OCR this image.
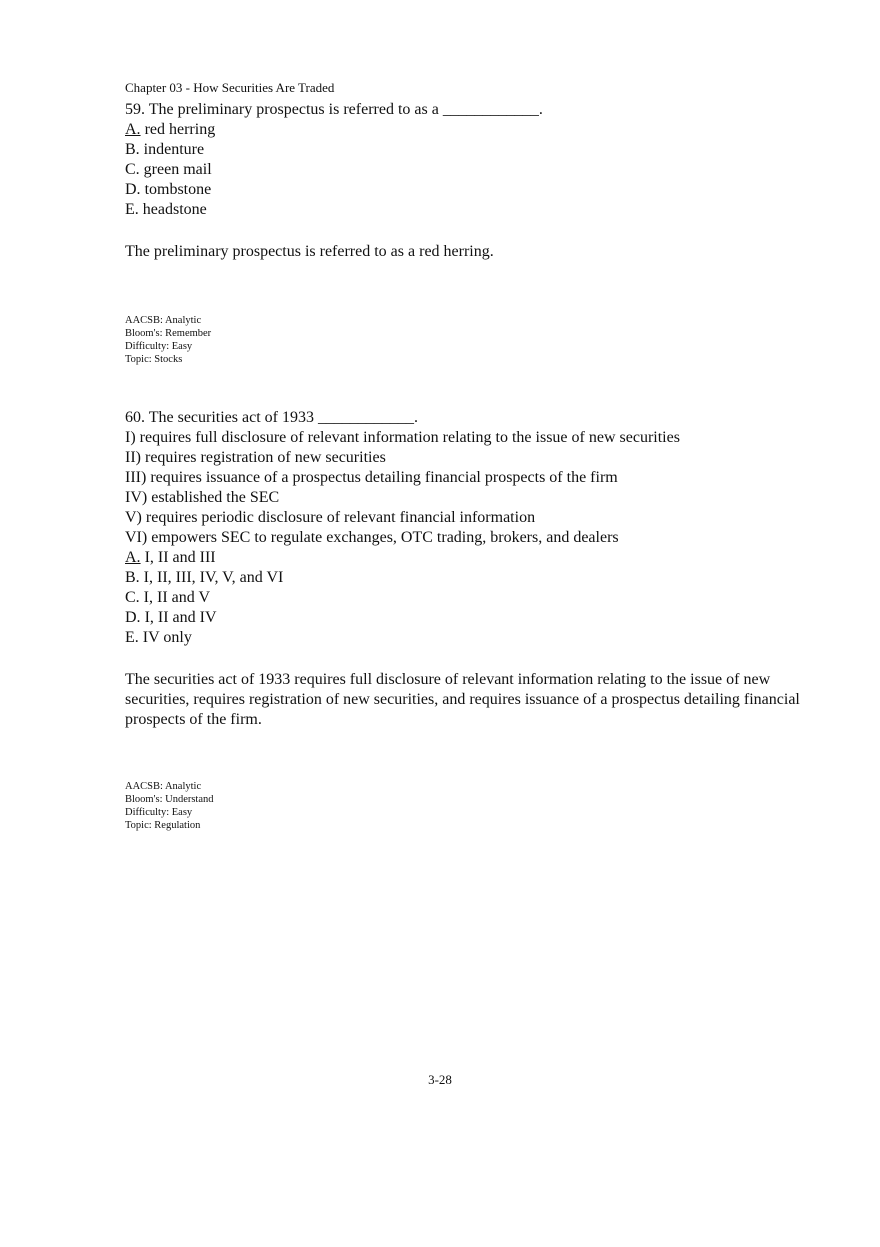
Chapter 03 - How Securities Are Traded
59. The preliminary prospectus is referred to as a ____________.
A. red herring
B. indenture
C. green mail
D. tombstone
E. headstone
The preliminary prospectus is referred to as a red herring.
AACSB: Analytic
Bloom's: Remember
Difficulty: Easy
Topic: Stocks
60. The securities act of 1933 ____________.
I) requires full disclosure of relevant information relating to the issue of new securities
II) requires registration of new securities
III) requires issuance of a prospectus detailing financial prospects of the firm
IV) established the SEC
V) requires periodic disclosure of relevant financial information
VI) empowers SEC to regulate exchanges, OTC trading, brokers, and dealers
A. I, II and III
B. I, II, III, IV, V, and VI
C. I, II and V
D. I, II and IV
E. IV only
The securities act of 1933 requires full disclosure of relevant information relating to the issue of new securities, requires registration of new securities, and requires issuance of a prospectus detailing financial prospects of the firm.
AACSB: Analytic
Bloom's: Understand
Difficulty: Easy
Topic: Regulation
3-28
